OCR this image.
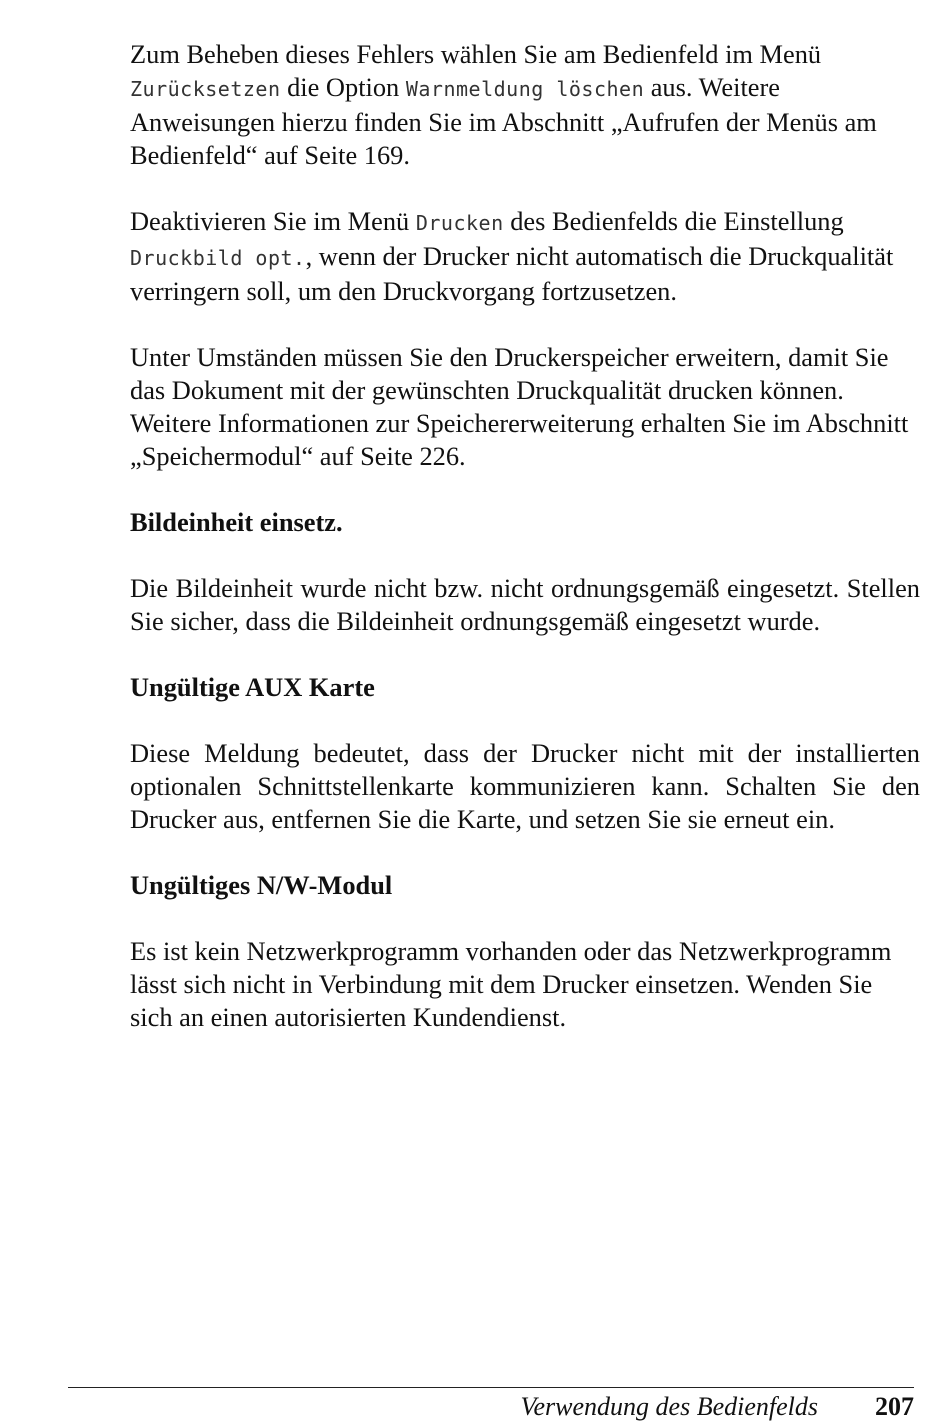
Zum Beheben dieses Fehlers wählen Sie am Bedienfeld im Menü Zurücksetzen die Option Warnmeldung löschen aus. Weitere Anweisungen hierzu finden Sie im Abschnitt „Aufrufen der Menüs am Bedienfeld“ auf Seite 169.

Deaktivieren Sie im Menü Drucken des Bedienfelds die Einstellung Druckbild opt., wenn der Drucker nicht automatisch die Druckqualität verringern soll, um den Druckvorgang fortzusetzen.

Unter Umständen müssen Sie den Druckerspeicher erweitern, damit Sie das Dokument mit der gewünschten Druckqualität drucken können. Weitere Informationen zur Speichererweiterung erhalten Sie im Abschnitt „Speichermodul“ auf Seite 226.

Bildeinheit einsetz.

Die Bildeinheit wurde nicht bzw. nicht ordnungsgemäß eingesetzt. Stellen Sie sicher, dass die Bildeinheit ordnungsgemäß eingesetzt wurde.

Ungültige AUX Karte

Diese Meldung bedeutet, dass der Drucker nicht mit der installierten optionalen Schnittstellenkarte kommunizieren kann. Schalten Sie den Drucker aus, entfernen Sie die Karte, und setzen Sie sie erneut ein.

Ungültiges N/W-Modul

Es ist kein Netzwerkprogramm vorhanden oder das Netzwerkprogramm lässt sich nicht in Verbindung mit dem Drucker einsetzen. Wenden Sie sich an einen autorisierten Kundendienst.

Verwendung des Bedienfelds 207
